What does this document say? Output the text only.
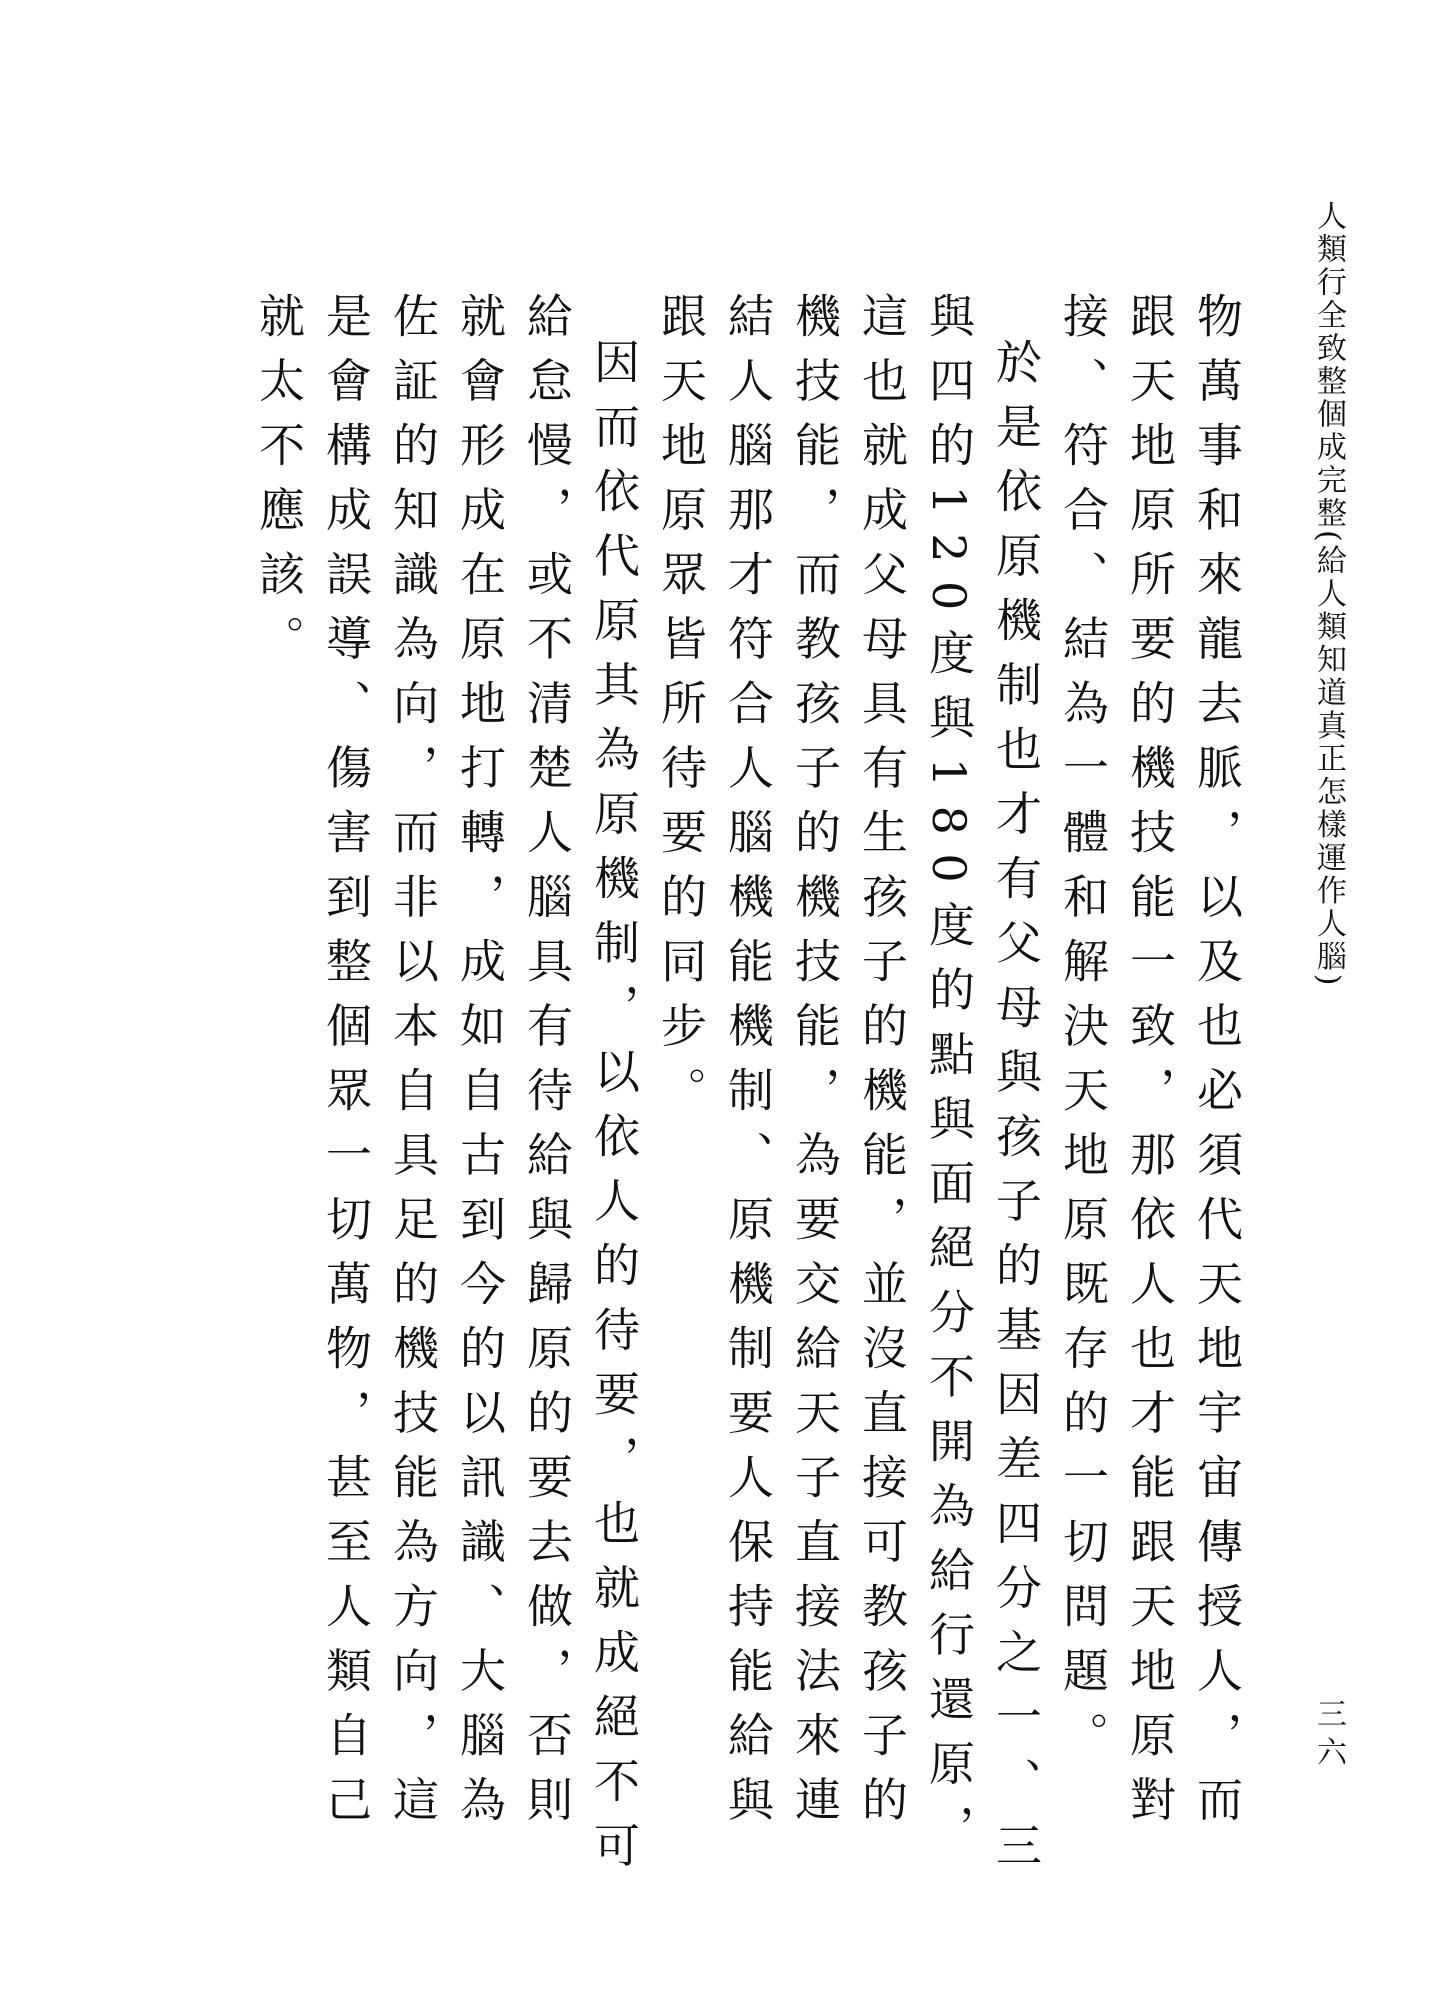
人類行全致整個成完整(給人類知道真正怎樣運作人腦)
三六

物萬事和來龍去脈，以及也必須代天地宇宙傳授人，而跟天地原所要的機技能一致，那依人也才能跟天地原對接、符合、結為一體和解決天地原既存的一切問題。

於是依原機制也才有父母與孩子的基因差四分之一、三與四的120度與180度的點與面絕分不開為給行還原，這也就成父母具有生孩子的機能，並沒直接可教孩子的機技能，而教孩子的機技能，為要交給天子直接法來連結人腦那才符合人腦機能機制、原機制要人保持能給與跟天地原眾皆所待要的同步。

因而依代原其為原機制，以依人的待要，也就成絕不可給怠慢，或不清楚人腦具有待給與歸原的要去做，否則就會形成在原地打轉，成如自古到今的以訊識、大腦為佐証的知識為向，而非以本自具足的機技能為方向，這是會構成誤導、傷害到整個眾一切萬物，甚至人類自己就太不應該。
